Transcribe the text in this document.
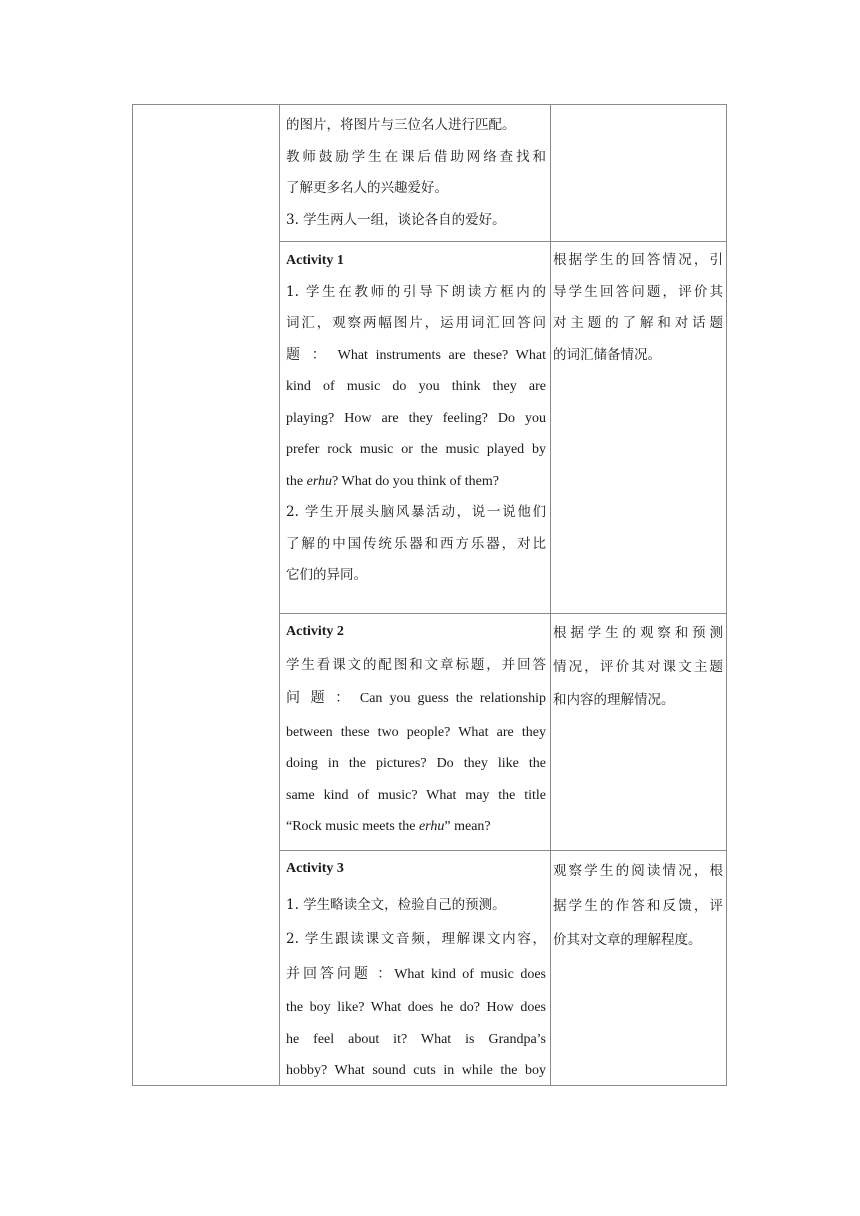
的图片，将图片与三位名人进行匹配。
教师鼓励学生在课后借助网络查找和
了解更多名人的兴趣爱好。
3. 学生两人一组，谈论各自的爱好。
Activity 1
1. 学生在教师的引导下朗读方框内的
词汇，观察两幅图片，运用词汇回答问
题 ： What instruments are these? What
kind of music do you think they are
playing? How are they feeling? Do you
prefer rock music or the music played by
the erhu? What do you think of them?
2. 学生开展头脑风暴活动，说一说他们
了解的中国传统乐器和西方乐器，对比
它们的异同。
根据学生的回答情况，引
导学生回答问题，评价其
对主题的了解和对话题
的词汇储备情况。
Activity 2
学生看课文的配图和文章标题，并回答
问 题 ： Can you guess the relationship
between these two people? What are they
doing in the pictures? Do they like the
same kind of music? What may the title
“Rock music meets the erhu” mean?
根据学生的观察和预测
情况，评价其对课文主题
和内容的理解情况。
Activity 3
1. 学生略读全文，检验自己的预测。
2. 学生跟读课文音频，理解课文内容，
并回答问题 ：What kind of music does
the boy like? What does he do? How does
he feel about it? What is Grandpa’s
hobby? What sound cuts in while the boy
观察学生的阅读情况，根
据学生的作答和反馈，评
价其对文章的理解程度。
